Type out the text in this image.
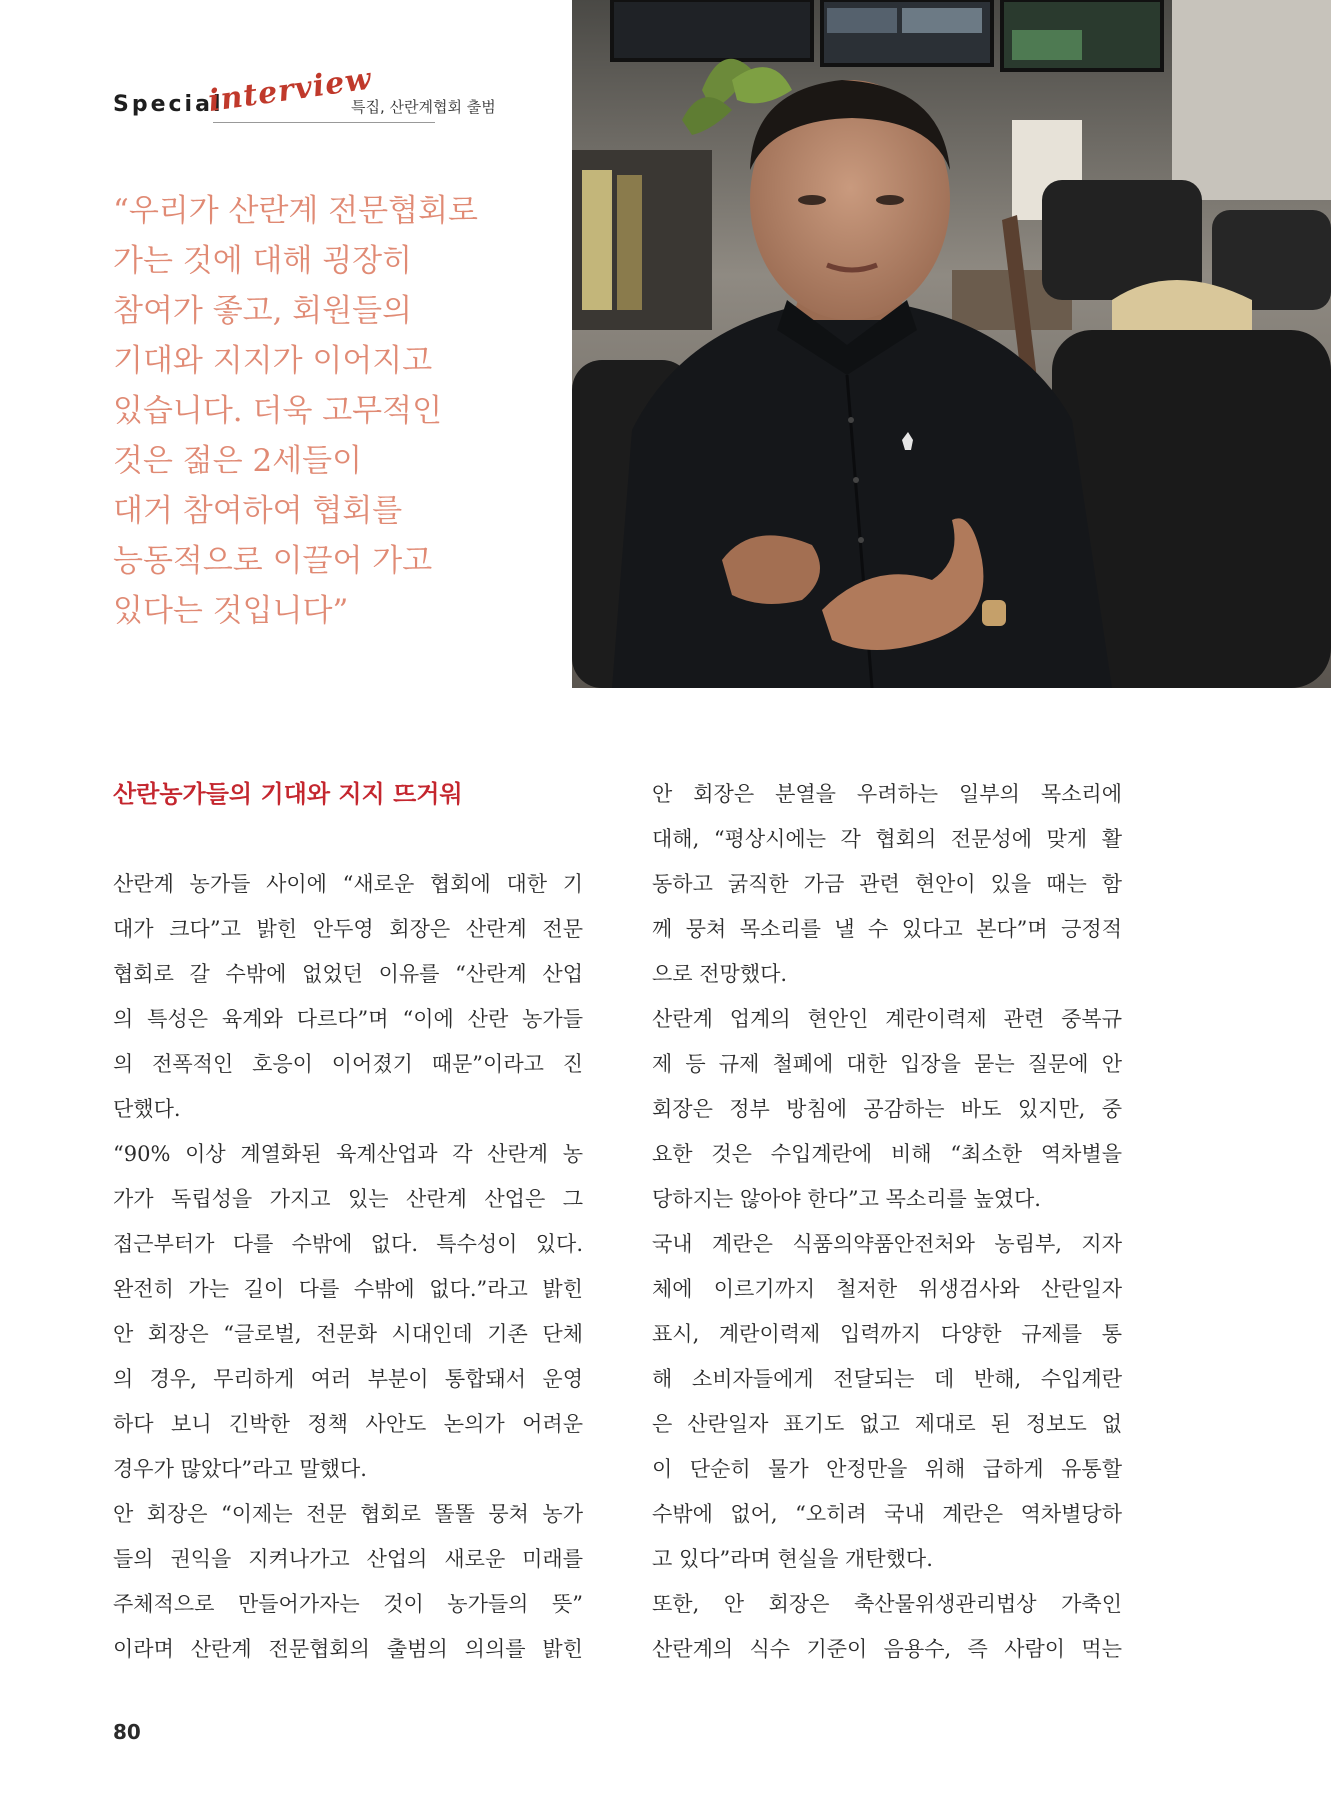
Special
interview
특집, 산란계협회 출범
“우리가 산란계 전문협회로
가는 것에 대해 굉장히
참여가 좋고, 회원들의
기대와 지지가 이어지고
있습니다. 더욱 고무적인
것은 젊은 2세들이
대거 참여하여 협회를
능동적으로 이끌어 가고
있다는 것입니다”
산란농가들의 기대와 지지 뜨거워
산란계 농가들 사이에 “새로운 협회에 대한 기
대가 크다”고 밝힌 안두영 회장은 산란계 전문
협회로 갈 수밖에 없었던 이유를 “산란계 산업
의 특성은 육계와 다르다”며 “이에 산란 농가들
의 전폭적인 호응이 이어졌기 때문”이라고 진
단했다.
“90% 이상 계열화된 육계산업과 각 산란계 농
가가 독립성을 가지고 있는 산란계 산업은 그
접근부터가 다를 수밖에 없다. 특수성이 있다.
완전히 가는 길이 다를 수밖에 없다.”라고 밝힌
안 회장은 “글로벌, 전문화 시대인데 기존 단체
의 경우, 무리하게 여러 부분이 통합돼서 운영
하다 보니 긴박한 정책 사안도 논의가 어려운
경우가 많았다”라고 말했다.
안 회장은 “이제는 전문 협회로 똘똘 뭉쳐 농가
들의 권익을 지켜나가고 산업의 새로운 미래를
주체적으로 만들어가자는 것이 농가들의 뜻”
이라며 산란계 전문협회의 출범의 의의를 밝힌
안 회장은 분열을 우려하는 일부의 목소리에
대해, “평상시에는 각 협회의 전문성에 맞게 활
동하고 굵직한 가금 관련 현안이 있을 때는 함
께 뭉쳐 목소리를 낼 수 있다고 본다”며 긍정적
으로 전망했다.
산란계 업계의 현안인 계란이력제 관련 중복규
제 등 규제 철폐에 대한 입장을 묻는 질문에 안
회장은 정부 방침에 공감하는 바도 있지만, 중
요한 것은 수입계란에 비해 “최소한 역차별을
당하지는 않아야 한다”고 목소리를 높였다.
국내 계란은 식품의약품안전처와 농림부, 지자
체에 이르기까지 철저한 위생검사와 산란일자
표시, 계란이력제 입력까지 다양한 규제를 통
해 소비자들에게 전달되는 데 반해, 수입계란
은 산란일자 표기도 없고 제대로 된 정보도 없
이 단순히 물가 안정만을 위해 급하게 유통할
수밖에 없어, “오히려 국내 계란은 역차별당하
고 있다”라며 현실을 개탄했다.
또한, 안 회장은 축산물위생관리법상 가축인
산란계의 식수 기준이 음용수, 즉 사람이 먹는
80
